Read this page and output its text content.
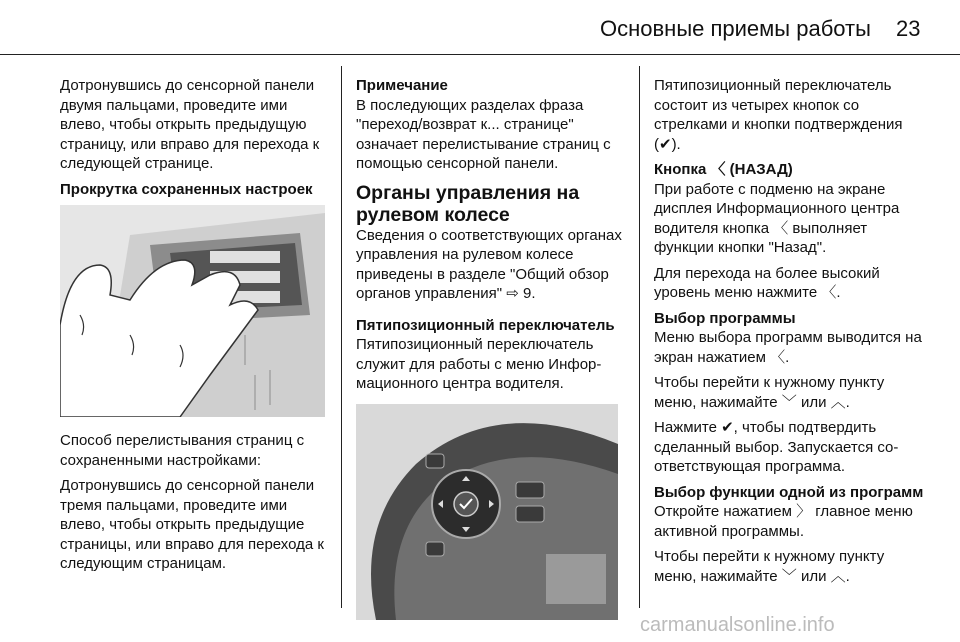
Основные приемы работы 23

Дотронувшись до сенсорной панели двумя пальцами, проведите ими влево, чтобы открыть предыдущую страницу, или вправо для перехода к следующей странице.

Прокрутка сохраненных настроек

Способ перелистывания страниц с сохраненными настройками:

Дотронувшись до сенсорной панели тремя пальцами, проведите ими влево, чтобы открыть предыдущие страницы, или вправо для перехода к следующим страницам.

Примечание

В последующих разделах фраза "переход/возврат к... странице" означает перелистывание страниц с помощью сенсорной панели.

Органы управления на рулевом колесе

Сведения о соответствующих органах управления на рулевом колесе приведены в разделе "Общий обзор органов управления" ⇨ 9.

Пятипозиционный переключатель

Пятипозиционный переключатель служит для работы с меню Информационного центра водителя.

Пятипозиционный переключатель состоит из четырех кнопок со стрелками и кнопки подтверждения (✔).

Кнопка 〈 (НАЗАД)

При работе с подменю на экране дисплея Информационного центра водителя кнопка 〈 выполняет функции кнопки "Назад".

Для перехода на более высокий уровень меню нажмите 〈.

Выбор программы

Меню выбора программ выводится на экран нажатием 〈.

Чтобы перейти к нужному пункту меню, нажимайте ﹀ или ︿.

Нажмите ✔, чтобы подтвердить сделанный выбор. Запускается соответствующая программа.

Выбор функции одной из программ

Откройте нажатием 〉 главное меню активной программы.

Чтобы перейти к нужному пункту меню, нажимайте ﹀ или ︿.

carmanualsonline.info
